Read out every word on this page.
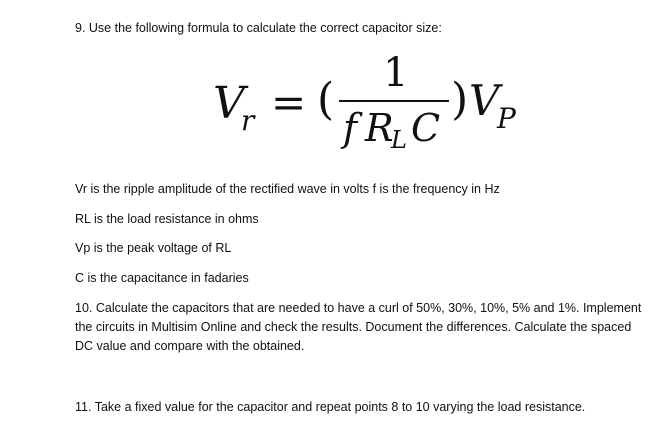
9. Use the following formula to calculate the correct capacitor size:
V
r = (
1
f R
L C
) V
P
Vr is the ripple amplitude of the rectified wave in volts f is the frequency in Hz
RL is the load resistance in ohms
Vp is the peak voltage of RL
C is the capacitance in fadaries
10. Calculate the capacitors that are needed to have a curl of 50%, 30%, 10%, 5% and 1%. Implement the circuits in Multisim Online and check the results. Document the differences. Calculate the spaced DC value and compare with the obtained.
11. Take a fixed value for the capacitor and repeat points 8 to 10 varying the load resistance.
